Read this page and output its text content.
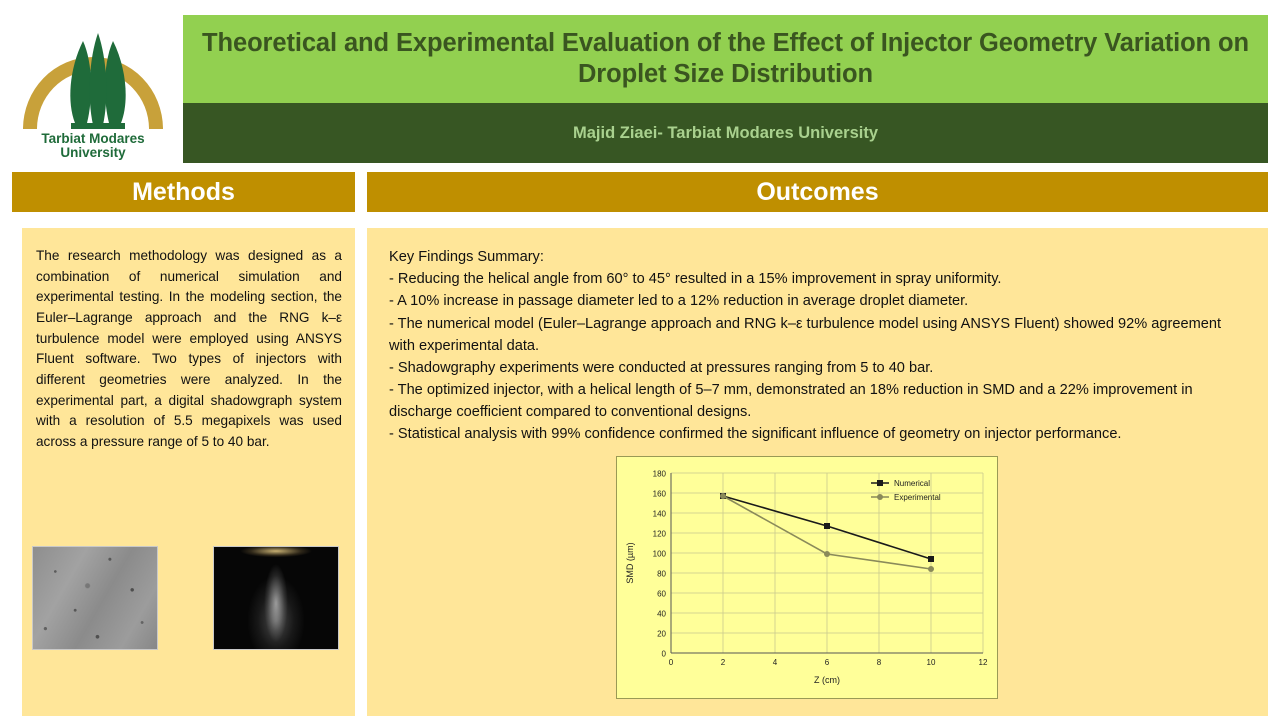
Tarbiat Modares
University
Theoretical and Experimental Evaluation of the Effect of Injector Geometry Variation on Droplet Size Distribution
Majid Ziaei- Tarbiat Modares University
Methods	Outcomes
The research methodology was designed as a combination of numerical simulation and experimental testing. In the modeling section, the Euler–Lagrange approach and the RNG k–ε turbulence model were employed using ANSYS Fluent software. Two types of injectors with different geometries were analyzed. In the experimental part, a digital shadowgraph system with a resolution of 5.5 megapixels was used across a pressure range of 5 to 40 bar.

Key Findings Summary:

- Reducing the helical angle from 60° to 45° resulted in a 15% improvement in spray uniformity.

- A 10% increase in passage diameter led to a 12% reduction in average droplet diameter.

- The numerical model (Euler–Lagrange approach and RNG k–ε turbulence model using ANSYS Fluent) showed 92% agreement with experimental data.

- Shadowgraphy experiments were conducted at pressures ranging from 5 to 40 bar.

- The optimized injector, with a helical length of 5–7 mm, demonstrated an 18% reduction in SMD and a 22% improvement in discharge coefficient compared to conventional designs.

- Statistical analysis with 99% confidence confirmed the significant influence of geometry on injector performance.

0
20
40
60
80
100
120
140
160
180
0	2	4	6	8	10	12
Z (cm)
SMD (µm)
Numerical
Experimental
